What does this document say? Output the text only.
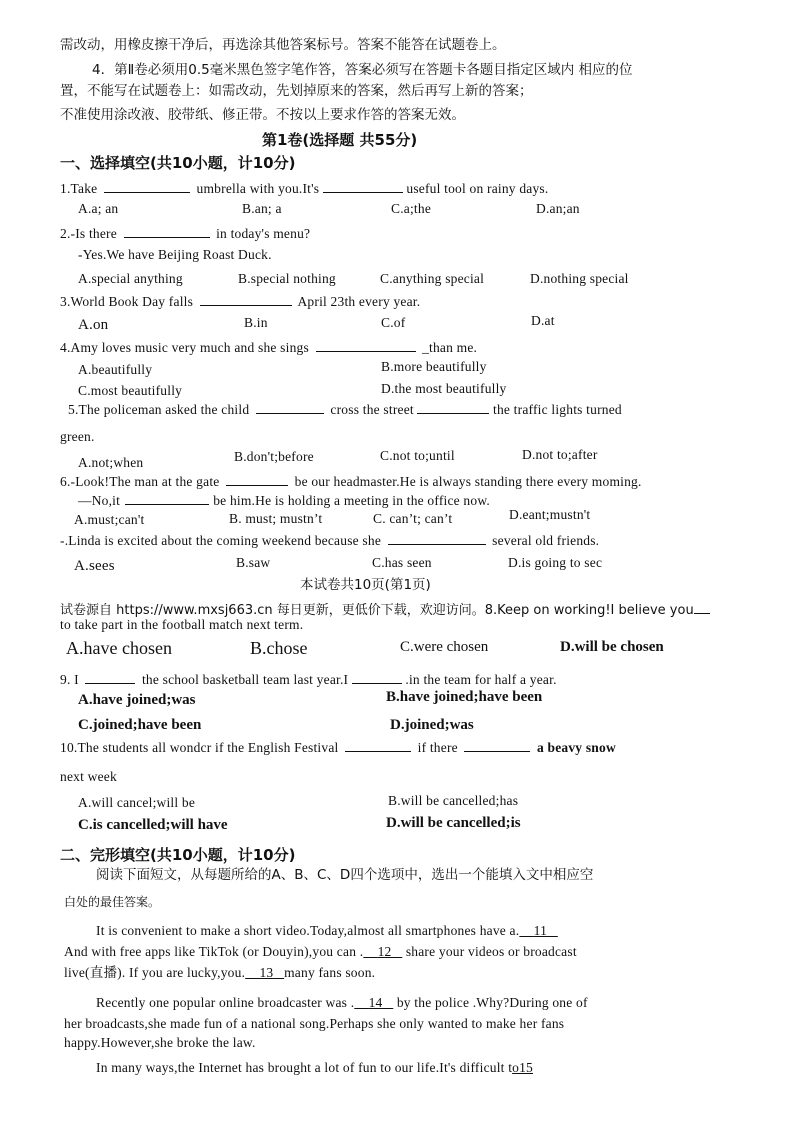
需改动，用橡皮擦干净后，再选涂其他答案标号。答案不能答在试题卷上。
4．第Ⅱ卷必须用0.5毫米黑色签字笔作答，答案必须写在答题卡各题目指定区域内 相应的位
置，不能写在试题卷上：如需改动，先划掉原来的答案，然后再写上新的答案；
不准使用涂改液、胶带纸、修正带。不按以上要求作答的答案无效。
第1卷(选择题 共55分)
一、选择填空(共10小题，计10分)
1.Take	umbrella with you.It's	useful tool on rainy days.
A.a; an	B.an; a	C.a;the	D.an;an
2.-Is there	in today's menu?
-Yes.We have Beijing Roast Duck.
A.special anything	B.special nothing	C.anything special	D.nothing special
3.World Book Day falls	April 23th every year.
A.on	B.in	C.of	D.at
4.Amy loves music very much and she sings	_than me.
A.beautifully	B.more beautifully
C.most beautifully	D.the most beautifully
5.The policeman asked the child	cross the street	the traffic lights turned
green.
A.not;when	B.don't;before	C.not to;until	D.not to;after
6.-Look!The man at the gate	be our headmaster.He is always standing there every moming.
—No,it	be him.He is holding a meeting in the office now.
A.must;can't	B. must; mustn’t	C. can’t; can’t	D.eant;mustn't
-.Linda is excited about the coming weekend because she	several old friends.
A.sees	B.saw	C.has seen	D.is going to sec
本试卷共10页(第1页)
试卷源自 https://www.mxsj663.cn 每日更新，更低价下载，欢迎访问。8.Keep on working!I believe you
to take part in the football match next term.
A.have chosen	B.chose	C.were chosen	D.will be chosen
9. I	the school basketball team last year.I	.in the team for half a year.
A.have joined;was	B.have joined;have been
C.joined;have been	D.joined;was
10.The students all wondcr if the English Festival	if there	a beavy snow
next week
A.will cancel;will be	B.will be cancelled;has
C.is cancelled;will have	D.will be cancelled;is
二、完形填空(共10小题，计10分)
阅读下面短文，从每题所给的A、B、C、D四个选项中，选出一个能填入文中相应空
白处的最佳答案。
It is convenient to make a short video.Today,almost all smartphones have a. 11
And with free apps like TikTok (or Douyin),you can . 12 share your videos or broadcast
live(直播). If you are lucky,you. 13 many fans soon.
Recently one popular online broadcaster was . 14 by the police .Why?During one of
her broadcasts,she made fun of a national song.Perhaps she only wanted to make her fans
happy.However,she broke the law.
In many ways,the Internet has brought a lot of fun to our life.It's difficult to15
